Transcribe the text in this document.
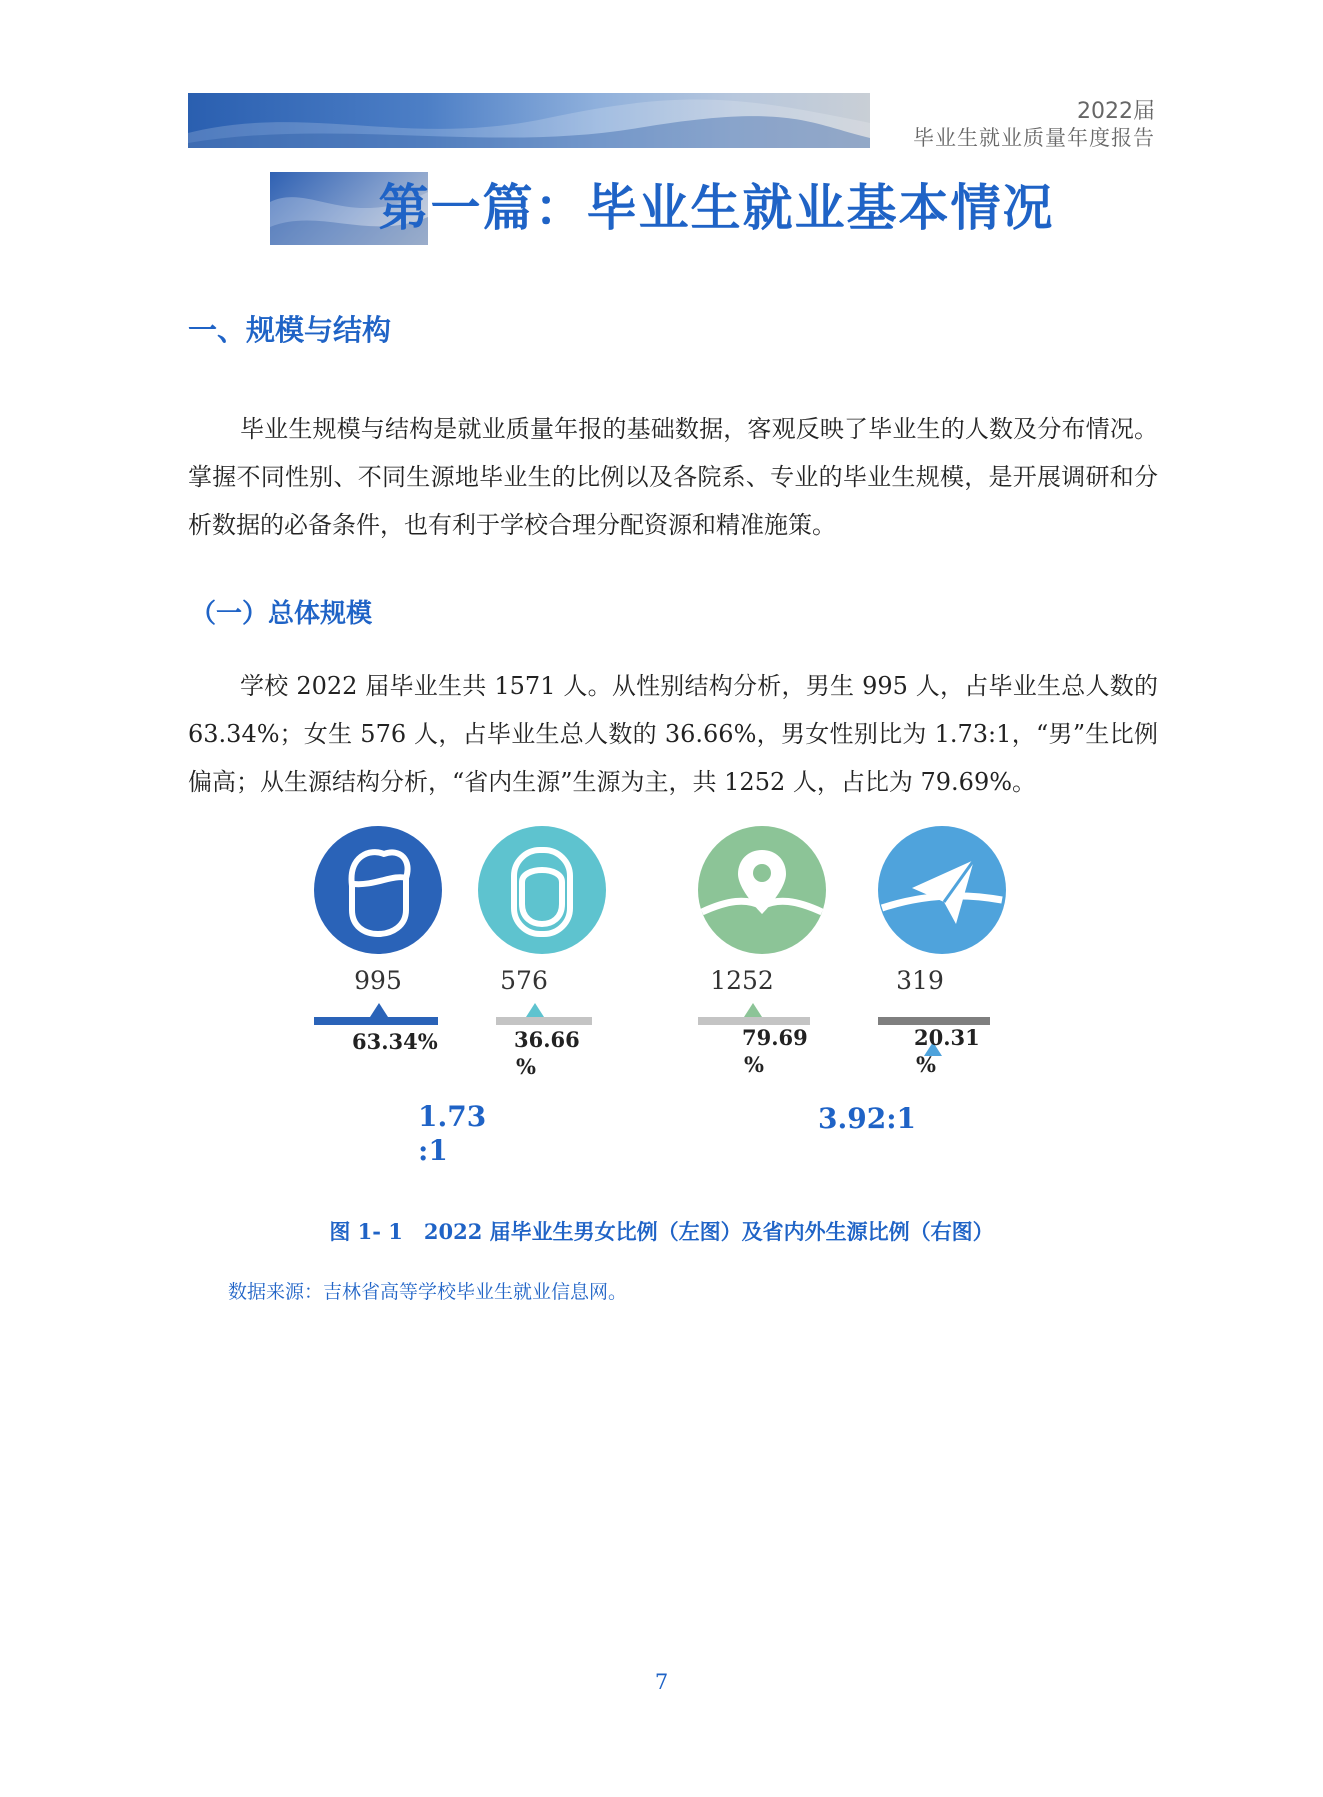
2022届
毕业生就业质量年度报告
第一篇：毕业生就业基本情况
一、规模与结构
毕业生规模与结构是就业质量年报的基础数据，客观反映了毕业生的人数及分布情况。掌握不同性别、不同生源地毕业生的比例以及各院系、专业的毕业生规模，是开展调研和分析数据的必备条件，也有利于学校合理分配资源和精准施策。
（一）总体规模
学校 2022 届毕业生共 1571 人。从性别结构分析，男生 995 人，占毕业生总人数的 63.34%；女生 576 人，占毕业生总人数的 36.66%，男女性别比为 1.73:1，“男”生比例偏高；从生源结构分析，“省内生源”生源为主，共 1252 人，占比为 79.69%。
995
63.34%
576
36.66
%
1.73
:1
1252
79.69
%
319
20.31
%
3.92:1
图 1- 1　2022 届毕业生男女比例（左图）及省内外生源比例（右图）
数据来源：吉林省高等学校毕业生就业信息网。
7
